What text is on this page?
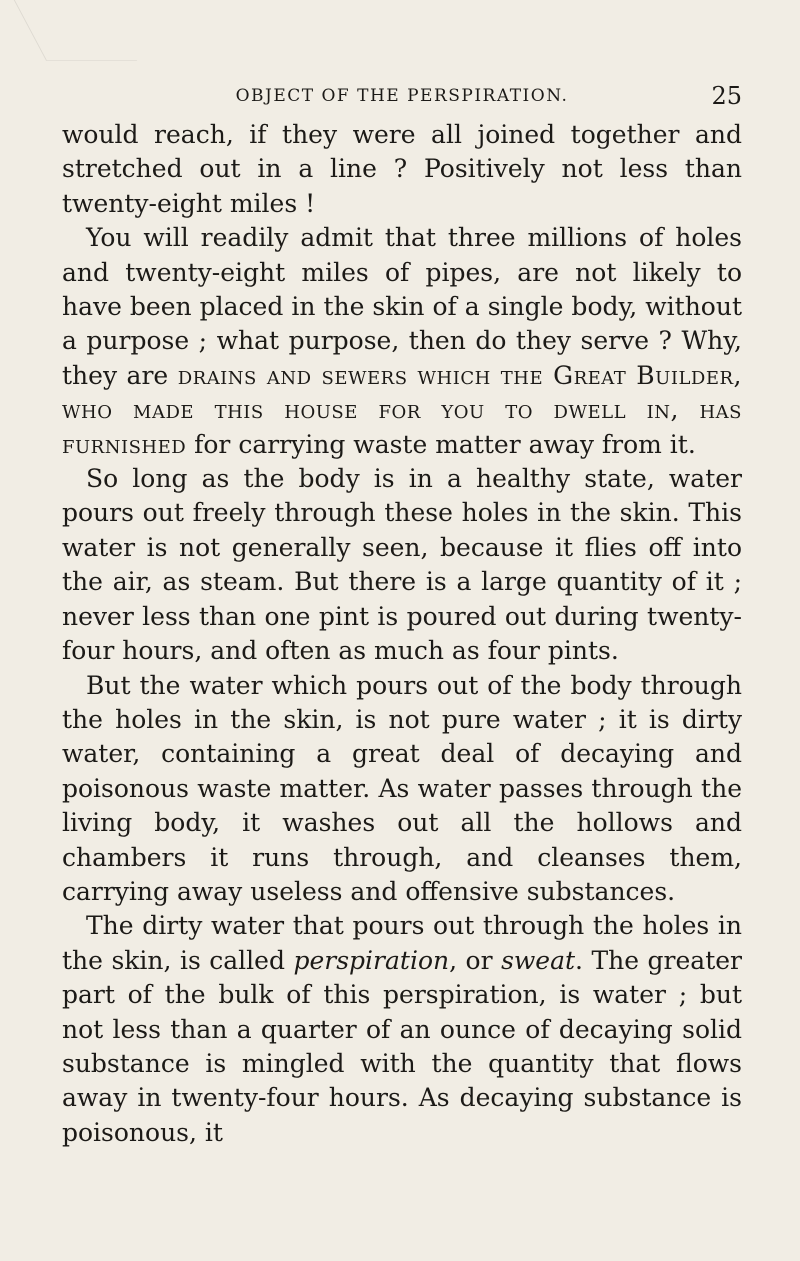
OBJECT OF THE PERSPIRATION.	25

would reach, if they were all joined together and stretched out in a line ? Positively not less than twenty-eight miles !

You will readily admit that three millions of holes and twenty-eight miles of pipes, are not likely to have been placed in the skin of a single body, without a purpose ; what purpose, then do they serve ? Why, they are drains and sewers which the Great Builder, who made this house for you to dwell in, has furnished for carrying waste matter away from it.

So long as the body is in a healthy state, water pours out freely through these holes in the skin. This water is not generally seen, because it flies off into the air, as steam. But there is a large quantity of it ; never less than one pint is poured out during twenty-four hours, and often as much as four pints.

But the water which pours out of the body through the holes in the skin, is not pure water ; it is dirty water, containing a great deal of decaying and poisonous waste matter. As water passes through the living body, it washes out all the hollows and chambers it runs through, and cleanses them, carrying away useless and offensive substances.

The dirty water that pours out through the holes in the skin, is called perspiration, or sweat. The greater part of the bulk of this perspiration, is water ; but not less than a quarter of an ounce of decaying solid substance is mingled with the quantity that flows away in twenty-four hours. As decaying substance is poisonous, it
